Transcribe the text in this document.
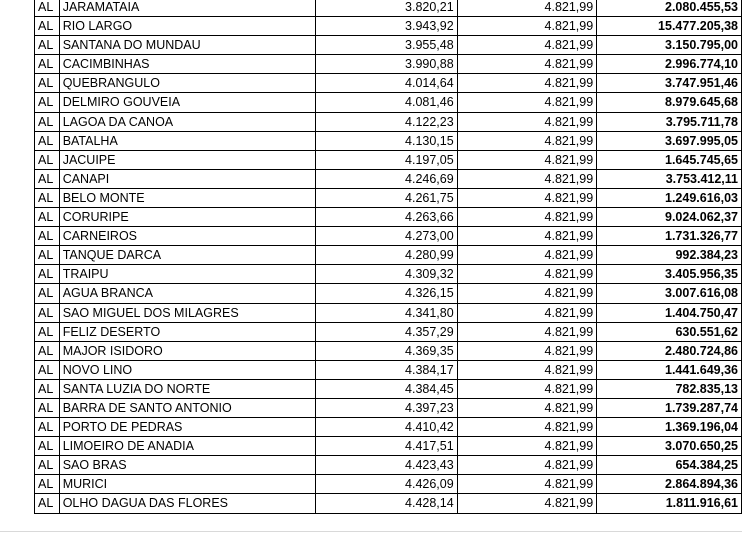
AL	JARAMATAIA	3.820,21	4.821,99	2.080.455,53
AL	RIO LARGO	3.943,92	4.821,99	15.477.205,38
AL	SANTANA DO MUNDAU	3.955,48	4.821,99	3.150.795,00
AL	CACIMBINHAS	3.990,88	4.821,99	2.996.774,10
AL	QUEBRANGULO	4.014,64	4.821,99	3.747.951,46
AL	DELMIRO GOUVEIA	4.081,46	4.821,99	8.979.645,68
AL	LAGOA DA CANOA	4.122,23	4.821,99	3.795.711,78
AL	BATALHA	4.130,15	4.821,99	3.697.995,05
AL	JACUIPE	4.197,05	4.821,99	1.645.745,65
AL	CANAPI	4.246,69	4.821,99	3.753.412,11
AL	BELO MONTE	4.261,75	4.821,99	1.249.616,03
AL	CORURIPE	4.263,66	4.821,99	9.024.062,37
AL	CARNEIROS	4.273,00	4.821,99	1.731.326,77
AL	TANQUE DARCA	4.280,99	4.821,99	992.384,23
AL	TRAIPU	4.309,32	4.821,99	3.405.956,35
AL	AGUA BRANCA	4.326,15	4.821,99	3.007.616,08
AL	SAO MIGUEL DOS MILAGRES	4.341,80	4.821,99	1.404.750,47
AL	FELIZ DESERTO	4.357,29	4.821,99	630.551,62
AL	MAJOR ISIDORO	4.369,35	4.821,99	2.480.724,86
AL	NOVO LINO	4.384,17	4.821,99	1.441.649,36
AL	SANTA LUZIA DO NORTE	4.384,45	4.821,99	782.835,13
AL	BARRA DE SANTO ANTONIO	4.397,23	4.821,99	1.739.287,74
AL	PORTO DE PEDRAS	4.410,42	4.821,99	1.369.196,04
AL	LIMOEIRO DE ANADIA	4.417,51	4.821,99	3.070.650,25
AL	SAO BRAS	4.423,43	4.821,99	654.384,25
AL	MURICI	4.426,09	4.821,99	2.864.894,36
AL	OLHO DAGUA DAS FLORES	4.428,14	4.821,99	1.811.916,61
